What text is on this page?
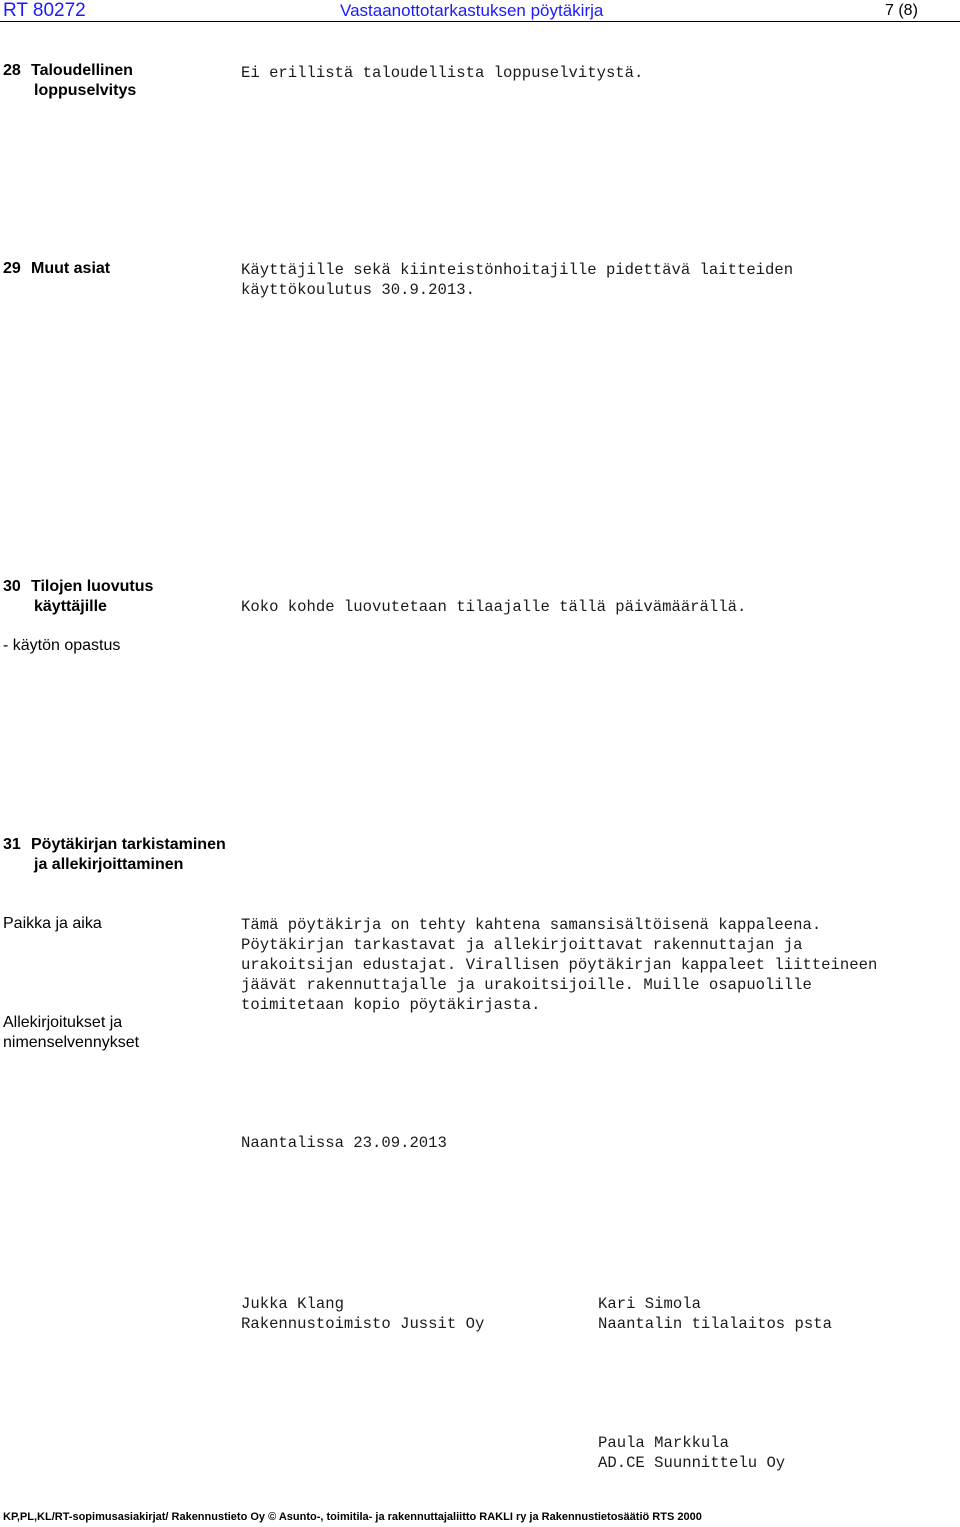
RT 80272	Vastaanottotarkastuksen pöytäkirja	7 (8)
28 Taloudellinen
loppuselvitys
Ei erillistä taloudellista loppuselvitystä.
29 Muut asiat	Käyttäjille sekä kiinteistönhoitajille pidettävä laitteiden
käyttökoulutus 30.9.2013.
30 Tilojen luovutus
käyttäjille	Koko kohde luovutetaan tilaajalle tällä päivämäärällä.
- käytön opastus
31 Pöytäkirjan tarkistaminen
ja allekirjoittaminen
Paikka ja aika
Allekirjoitukset ja
nimenselvennykset
Tämä pöytäkirja on tehty kahtena samansisältöisenä kappaleena.
Pöytäkirjan tarkastavat ja allekirjoittavat rakennuttajan ja
urakoitsijan edustajat. Virallisen pöytäkirjan kappaleet liitteineen
jäävät rakennuttajalle ja urakoitsijoille. Muille osapuolille
toimitetaan kopio pöytäkirjasta.
Naantalissa 23.09.2013
Jukka Klang
Rakennustoimisto Jussit Oy
Kari Simola
Naantalin tilalaitos psta
Paula Markkula
AD.CE Suunnittelu Oy
KP,PL,KL/RT-sopimusasiakirjat/ Rakennustieto Oy © Asunto-, toimitila- ja rakennuttajaliitto RAKLI ry ja Rakennustietosäätiö RTS 2000
